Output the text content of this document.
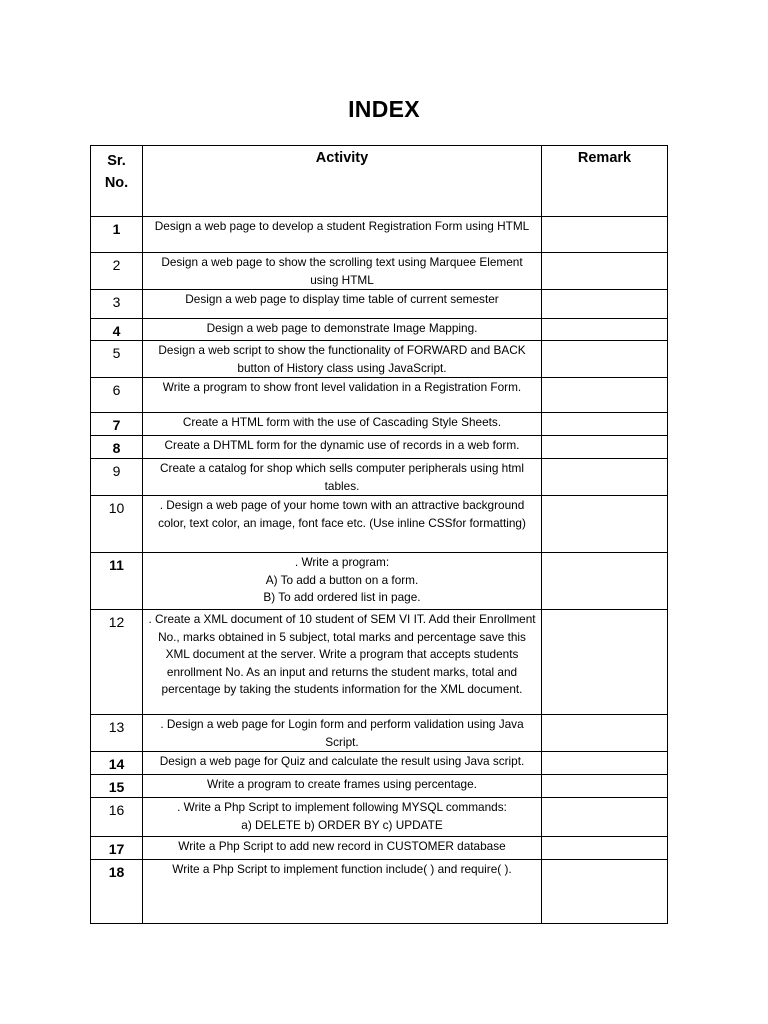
INDEX
Sr.
No.	Activity	Remark
1	Design a web page to develop a student Registration Form using HTML	
2	Design a web page to show the scrolling text using Marquee Element using HTML	
3	Design a web page to display time table of current semester	
4	Design a web page to demonstrate Image Mapping.	
5	Design a web script to show the functionality of FORWARD and BACK button of History class using JavaScript.	
6	Write a program to show front level validation in a Registration Form.	
7	Create a HTML form with the use of Cascading Style Sheets.	
8	Create a DHTML form for the dynamic use of records in a web form.	
9	Create a catalog for shop which sells computer peripherals using html tables.	
10	. Design a web page of your home town with an attractive background color, text color, an image, font face etc. (Use inline CSSfor formatting)	
11	. Write a program:
A) To add a button on a form.
B) To add ordered list in page.	
12	. Create a XML document of 10 student of SEM VI IT. Add their Enrollment No., marks obtained in 5 subject, total marks and percentage save this XML document at the server. Write a program that accepts students enrollment No. As an input and returns the student marks, total and percentage by taking the students information for the XML document.	
13	. Design a web page for Login form and perform validation using Java Script.	
14	Design a web page for Quiz and calculate the result using Java script.	
15	Write a program to create frames using percentage.	
16	. Write a Php Script to implement following MYSQL commands:
a) DELETE b) ORDER BY c) UPDATE	
17	Write a Php Script to add new record in CUSTOMER database	
18	Write a Php Script to implement function include( ) and require( ).	
